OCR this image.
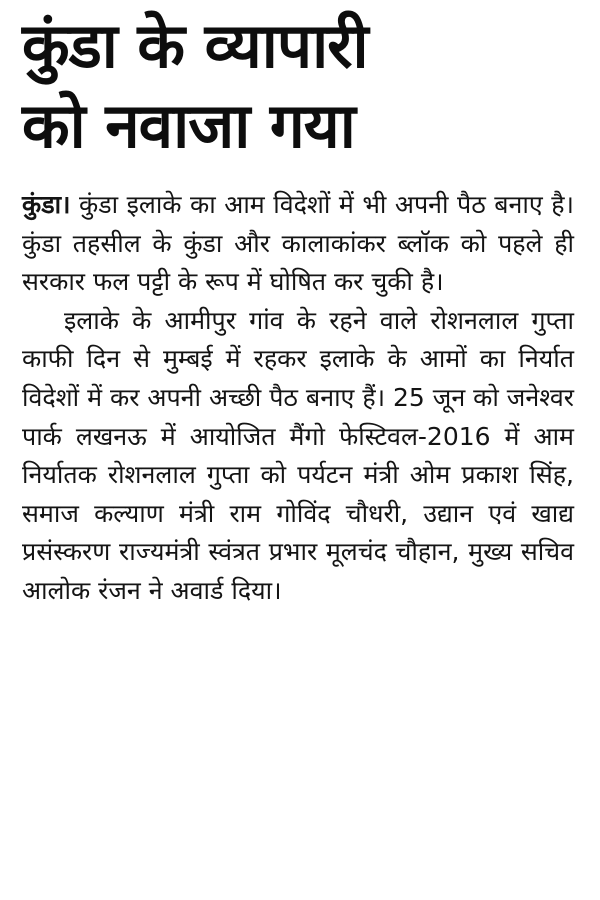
कुंडा के व्यापारी
को नवाजा गया

कुंडा। कुंडा इलाके का आम विदेशों में भी अपनी पैठ बनाए है। कुंडा तहसील के कुंडा और कालाकांकर ब्लॉक को पहले ही सरकार फल पट्टी के रूप में घोषित कर चुकी है।

इलाके के आमीपुर गांव के रहने वाले रोशनलाल गुप्ता काफी दिन से मुम्बई में रहकर इलाके के आमों का निर्यात विदेशों में कर अपनी अच्छी पैठ बनाए हैं। 25 जून को जनेश्वर पार्क लखनऊ में आयोजित मैंगो फेस्टिवल-2016 में आम निर्यातक रोशनलाल गुप्ता को पर्यटन मंत्री ओम प्रकाश सिंह, समाज कल्याण मंत्री राम गोविंद चौधरी, उद्यान एवं खाद्य प्रसंस्करण राज्यमंत्री स्वंत्रत प्रभार मूलचंद चौहान, मुख्य सचिव आलोक रंजन ने अवार्ड दिया।
